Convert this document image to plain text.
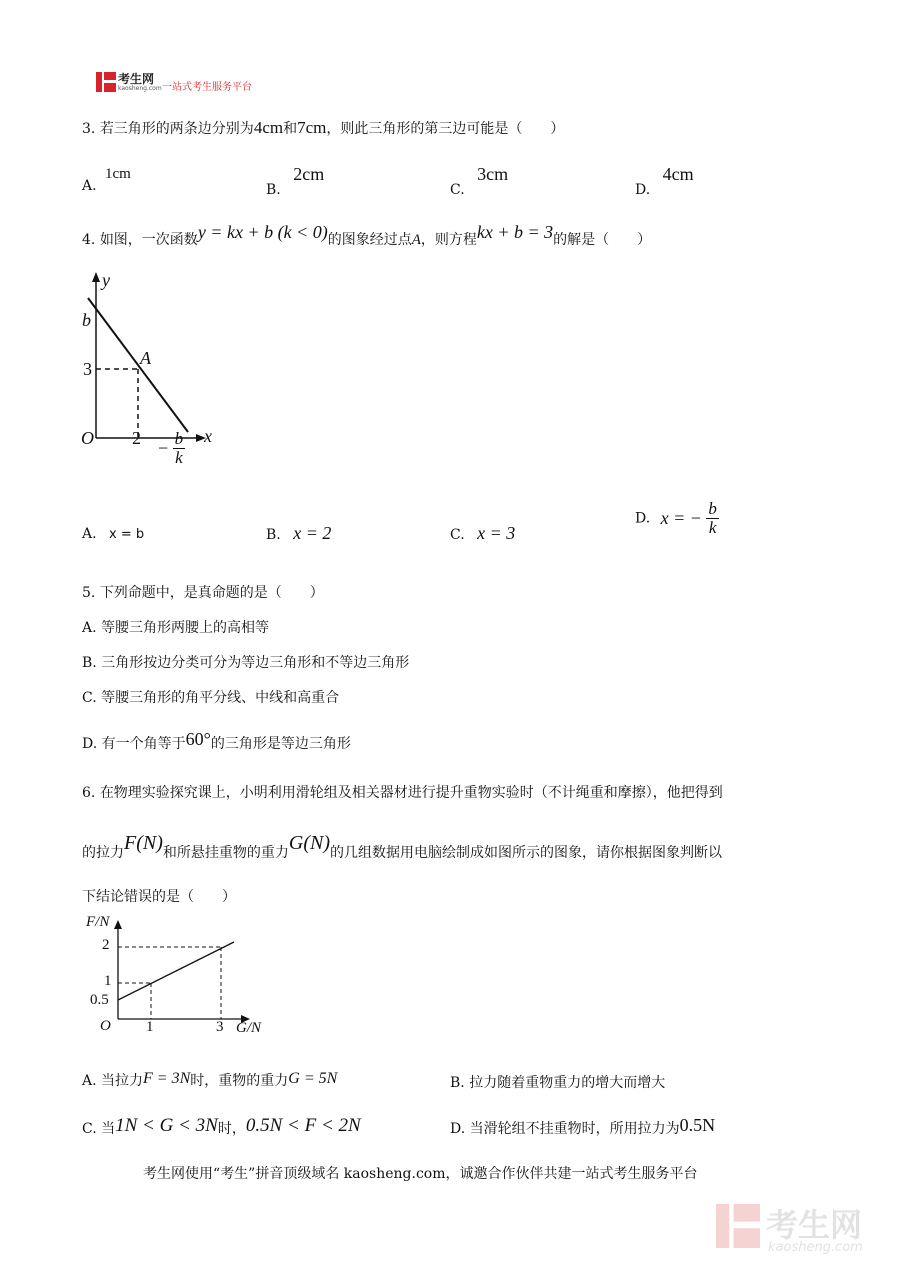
考生网
kaosheng.com 一站式考生服务平台
3. 若三角形的两条边分别为4cm和7cm，则此三角形的第三边可能是（　　）
A. 1cm
B. 2cm
C. 3cm
D. 4cm
4. 如图，一次函数y = kx + b (k < 0)的图象经过点A，则方程kx + b = 3的解是（　　）
y
b
3
A
O 2	x
− $\frac{b}{k}$
A. x = b	B. x = 2	C. x = 3
D. x = − $\frac{b}{k}$
5. 下列命题中，是真命题的是（　　）
A. 等腰三角形两腰上的高相等
B. 三角形按边分类可分为等边三角形和不等边三角形
C. 等腰三角形的角平分线、中线和高重合
D. 有一个角等于60°的三角形是等边三角形
6. 在物理实验探究课上，小明利用滑轮组及相关器材进行提升重物实验时（不计绳重和摩擦），他把得到
的拉力F(N)和所悬挂重物的重力G(N)的几组数据用电脑绘制成如图所示的图象，请你根据图象判断以
下结论错误的是（　　）
F/N
2
1
0.5
O 1	3 G/N
A. 当拉力F = 3N时，重物的重力G = 5N	B. 拉力随着重物重力的增大而增大
C. 当1N < G < 3N时，0.5N < F < 2N	D. 当滑轮组不挂重物时，所用拉力为0.5N
考生网使用“考生”拼音顶级域名 kaosheng.com，诚邀合作伙伴共建一站式考生服务平台
考生网
kaosheng.com
